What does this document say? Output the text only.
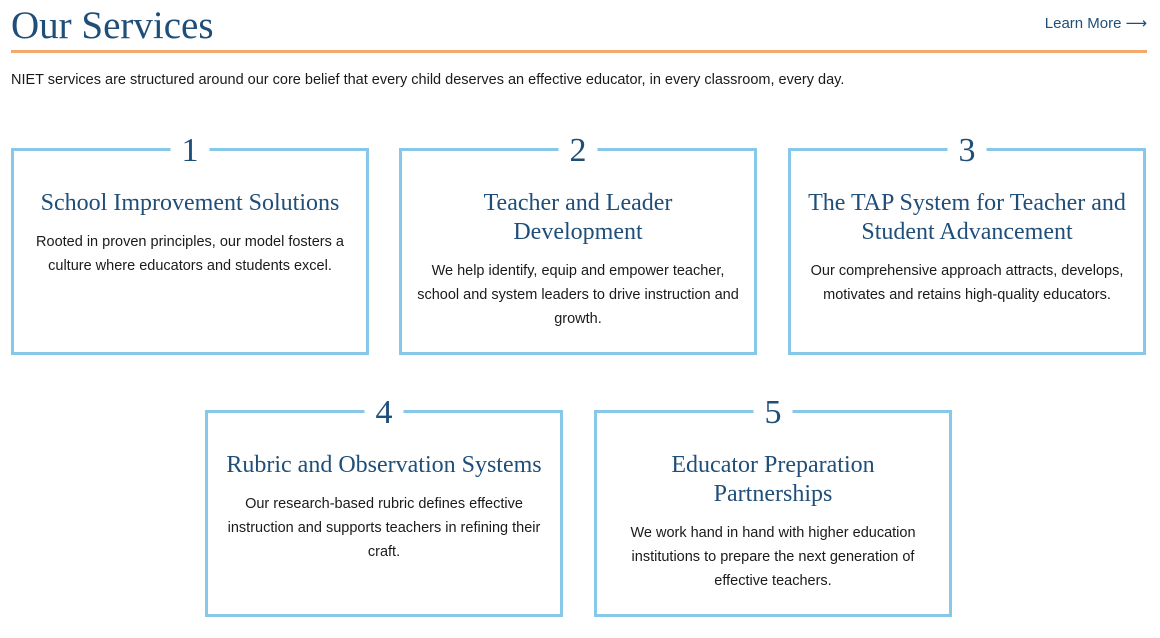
Our Services	Learn More ⟶

NIET services are structured around our core belief that every child deserves an effective educator, in every classroom, every day.

1
School Improvement Solutions

Rooted in proven principles, our model fosters a culture where educators and students excel.

2
Teacher and Leader Development

We help identify, equip and empower teacher, school and system leaders to drive instruction and growth.

3
The TAP System for Teacher and Student Advancement

Our comprehensive approach attracts, develops, motivates and retains high-quality educators.

4
Rubric and Observation Systems

Our research-based rubric defines effective instruction and supports teachers in refining their craft.

5
Educator Preparation Partnerships

We work hand in hand with higher education institutions to prepare the next generation of effective teachers.
